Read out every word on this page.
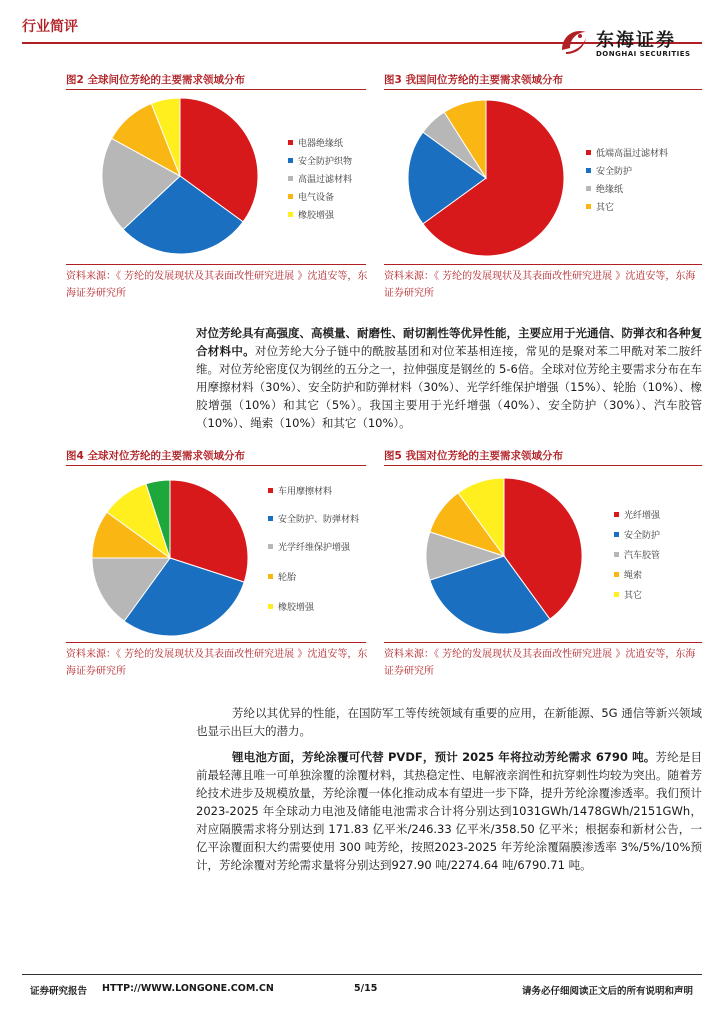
行业简评
东海证券
DONGHAI SECURITIES
图2 全球间位芳纶的主要需求领域分布
电器绝缘纸
安全防护织物
高温过滤材料
电气设备
橡胶增强
资料来源：《 芳纶的发展现状及其表面改性研究进展 》沈逍安等，东海证券研究所
图3 我国间位芳纶的主要需求领域分布
低端高温过滤材料
安全防护
绝缘纸
其它
资料来源：《 芳纶的发展现状及其表面改性研究进展 》沈逍安等，东海证券研究所
对位芳纶具有高强度、高模量、耐磨性、耐切割性等优异性能，主要应用于光通信、防弹衣和各种复合材料中。对位芳纶大分子链中的酰胺基团和对位苯基相连接，常见的是聚对苯二甲酰对苯二胺纤维。对位芳纶密度仅为钢丝的五分之一，拉伸强度是钢丝的 5-6倍。全球对位芳纶主要需求分布在车用摩擦材料（30%）、安全防护和防弹材料（30%）、光学纤维保护增强（15%）、轮胎（10%）、橡胶增强（10%）和其它（5%）。我国主要用于光纤增强（40%）、安全防护（30%）、汽车胶管（10%）、绳索（10%）和其它（10%）。
图4 全球对位芳纶的主要需求领域分布
车用摩擦材料
安全防护、防弹材料
光学纤维保护增强
轮胎
橡胶增强
资料来源：《 芳纶的发展现状及其表面改性研究进展 》沈逍安等，东海证券研究所
图5 我国对位芳纶的主要需求领域分布
光纤增强
安全防护
汽车胶管
绳索
其它
资料来源：《 芳纶的发展现状及其表面改性研究进展 》沈逍安等，东海证券研究所
芳纶以其优异的性能，在国防军工等传统领域有重要的应用，在新能源、5G 通信等新兴领域也显示出巨大的潜力。
锂电池方面，芳纶涂覆可代替 PVDF，预计 2025 年将拉动芳纶需求 6790 吨。芳纶是目前最轻薄且唯一可单独涂覆的涂覆材料，其热稳定性、电解液亲润性和抗穿刺性均较为突出。随着芳纶技术进步及规模放量，芳纶涂覆一体化推动成本有望进一步下降，提升芳纶涂覆渗透率。我们预计 2023-2025 年全球动力电池及储能电池需求合计将分别达到1031GWh/1478GWh/2151GWh，对应隔膜需求将分别达到 171.83 亿平米/246.33 亿平米/358.50 亿平米；根据泰和新材公告，一亿平涂覆面积大约需要使用 300 吨芳纶，按照2023-2025 年芳纶涂覆隔膜渗透率 3%/5%/10%预计，芳纶涂覆对芳纶需求量将分别达到927.90 吨/2274.64 吨/6790.71 吨。
证券研究报告 HTTP://WWW.LONGONE.COM.CN	5/15	请务必仔细阅读正文后的所有说明和声明
